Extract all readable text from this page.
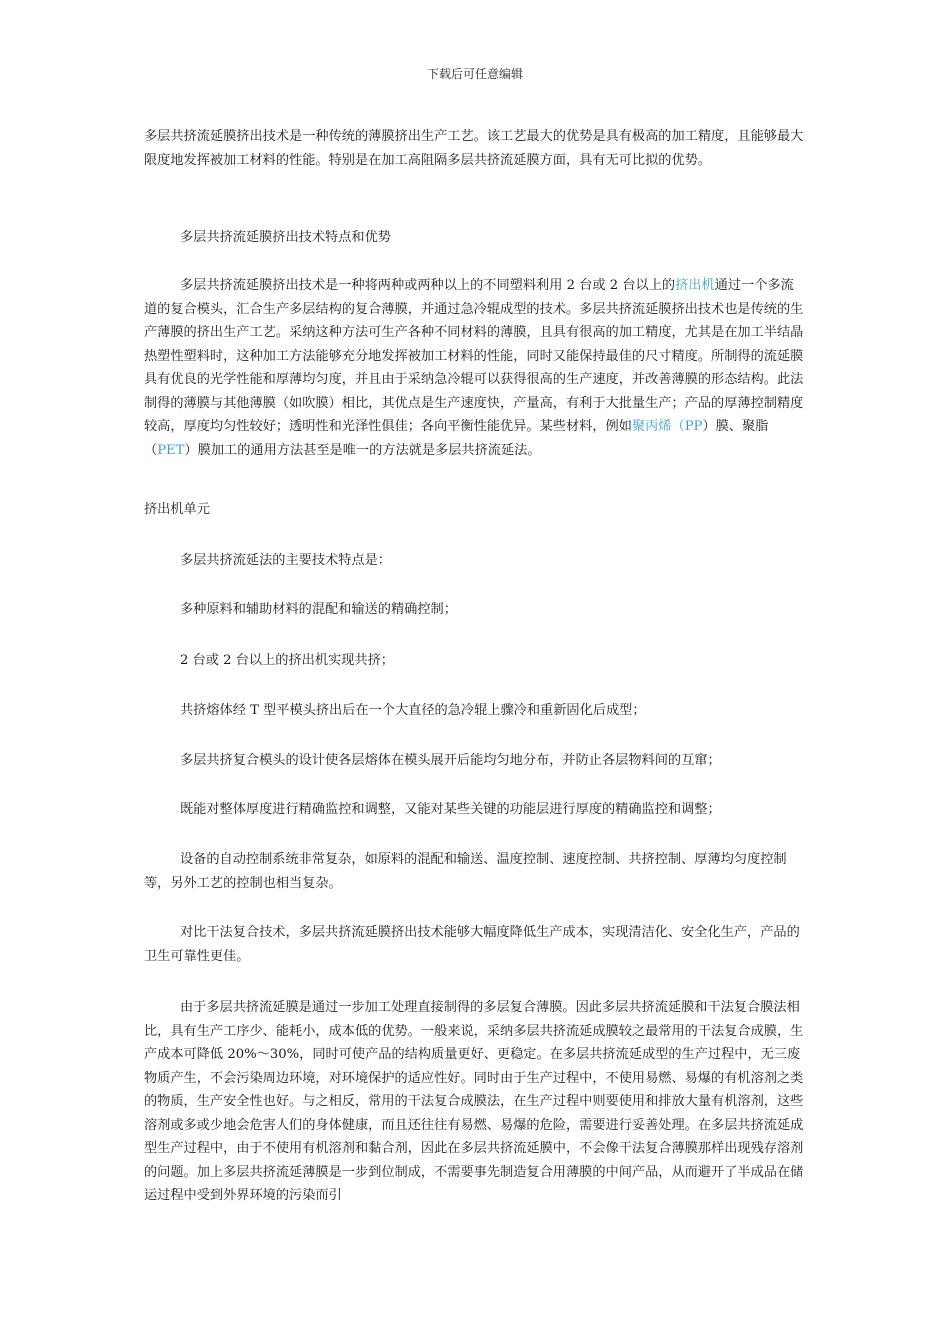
下载后可任意编辑

多层共挤流延膜挤出技术是一种传统的薄膜挤出生产工艺。该工艺最大的优势是具有极高的加工精度，且能够最大限度地发挥被加工材料的性能。特别是在加工高阻隔多层共挤流延膜方面，具有无可比拟的优势。

多层共挤流延膜挤出技术特点和优势

多层共挤流延膜挤出技术是一种将两种或两种以上的不同塑料利用 2 台或 2 台以上的挤出机通过一个多流道的复合模头，汇合生产多层结构的复合薄膜，并通过急冷辊成型的技术。多层共挤流延膜挤出技术也是传统的生产薄膜的挤出生产工艺。采纳这种方法可生产各种不同材料的薄膜，且具有很高的加工精度，尤其是在加工半结晶热塑性塑料时，这种加工方法能够充分地发挥被加工材料的性能，同时又能保持最佳的尺寸精度。所制得的流延膜具有优良的光学性能和厚薄均匀度，并且由于采纳急冷辊可以获得很高的生产速度，并改善薄膜的形态结构。此法制得的薄膜与其他薄膜（如吹膜）相比，其优点是生产速度快，产量高，有利于大批量生产；产品的厚薄控制精度较高，厚度均匀性较好；透明性和光泽性俱佳；各向平衡性能优异。某些材料，例如聚丙烯（PP）膜、聚脂（PET）膜加工的通用方法甚至是唯一的方法就是多层共挤流延法。

挤出机单元

多层共挤流延法的主要技术特点是：

多种原料和辅助材料的混配和输送的精确控制；

2 台或 2 台以上的挤出机实现共挤；

共挤熔体经 T 型平模头挤出后在一个大直径的急冷辊上骤冷和重新固化后成型；

多层共挤复合模头的设计使各层熔体在模头展开后能均匀地分布，并防止各层物料间的互窜；

既能对整体厚度进行精确监控和调整，又能对某些关键的功能层进行厚度的精确监控和调整；

设备的自动控制系统非常复杂，如原料的混配和输送、温度控制、速度控制、共挤控制、厚薄均匀度控制等，另外工艺的控制也相当复杂。

对比干法复合技术，多层共挤流延膜挤出技术能够大幅度降低生产成本，实现清洁化、安全化生产，产品的卫生可靠性更佳。

由于多层共挤流延膜是通过一步加工处理直接制得的多层复合薄膜。因此多层共挤流延膜和干法复合膜法相比，具有生产工序少、能耗小，成本低的优势。一般来说，采纳多层共挤流延成膜较之最常用的干法复合成膜，生产成本可降低 20%～30%，同时可使产品的结构质量更好、更稳定。在多层共挤流延成型的生产过程中，无三废物质产生，不会污染周边环境，对环境保护的适应性好。同时由于生产过程中，不使用易燃、易爆的有机溶剂之类的物质，生产安全性也好。与之相反，常用的干法复合成膜法，在生产过程中则要使用和排放大量有机溶剂，这些溶剂或多或少地会危害人们的身体健康，而且还往往有易燃、易爆的危险，需要进行妥善处理。在多层共挤流延成型生产过程中，由于不使用有机溶剂和黏合剂，因此在多层共挤流延膜中，不会像干法复合薄膜那样出现残存溶剂的问题。加上多层共挤流延薄膜是一步到位制成，不需要事先制造复合用薄膜的中间产品，从而避开了半成品在储运过程中受到外界环境的污染而引
